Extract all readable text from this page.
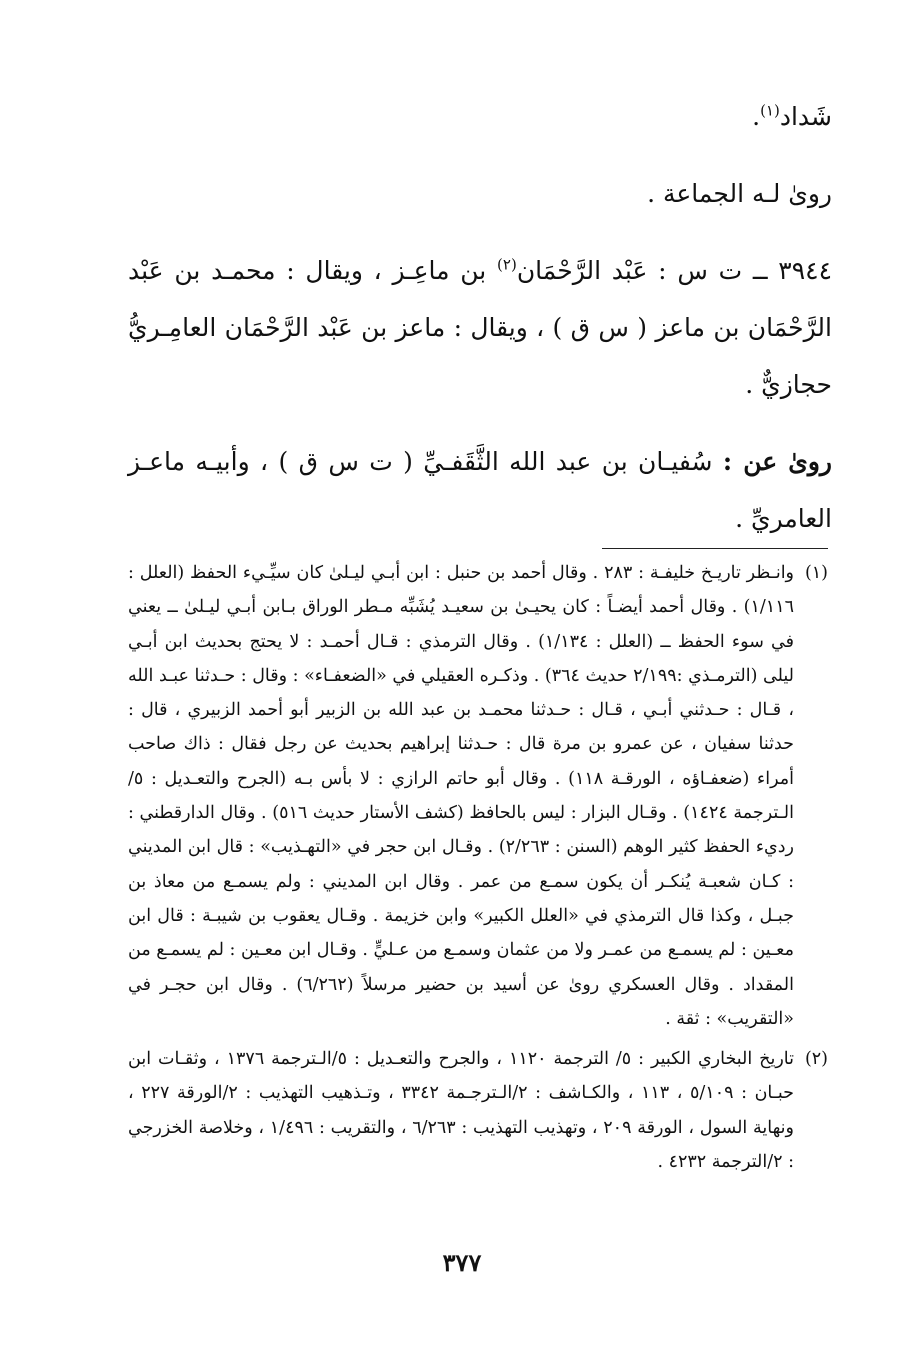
شَداد$^{(١)}$.

روىٰ لـه الجماعة .

٣٩٤٤ ــ ت س : عَبْد الرَّحْمَان$^{(٢)}$ بن ماعِـز ، ويقال : محمـد بن عَبْد الرَّحْمَان بن ماعز ( س ق ) ، ويقال : ماعز بن عَبْد الرَّحْمَان العامِـريُّ حجازيٌّ .

روىٰ عن : سُفيـان بن عبد الله الثَّقَفـيِّ ( ت س ق ) ، وأبيـه ماعـز العامريِّ .

(١)
وانـظر تاريـخ خليفـة : ٢٨٣ . وقال أحمد بن حنبل : ابن أبـي ليـلىٰ كان سيِّـيء الحفظ (العلل : ١/١١٦) . وقال أحمد أيضـاً : كان يحيـىٰ بن سعيـد يُشَبِّه مـطر الوراق بـابن أبـي ليـلىٰ ــ يعني في سوء الحفظ ــ (العلل : ١/١٣٤) . وقال الترمذي : قـال أحمـد : لا يحتج بحديث ابن أبـي ليلى (الترمـذي :٢/١٩٩ حديث ٣٦٤) . وذكـره العقيلي في «الضعفـاء» : وقال : حـدثنا عبـد الله ، قـال : حـدثني أبـي ، قـال : حـدثنا محمـد بن عبد الله بن الزبير أبو أحمد الزبيري ، قال : حدثنا سفيان ، عن عمرو بن مرة قال : حـدثنا إبراهيم بحديث عن رجل فقال : ذاك صاحب أمراء (ضعفـاؤه ، الورقـة ١١٨) . وقال أبو حاتم الرازي : لا بأس بـه (الجرح والتعـديل : ٥/الـترجمة ١٤٢٤) . وقـال البزار : ليس بالحافظ (كشف الأستار حديث ٥١٦) . وقال الدارقطني : رديء الحفظ كثير الوهم (السنن : ٢/٢٦٣) . وقـال ابن حجر في «التهـذيب» : قال ابن المديني : كـان شعبـة يُنكـر أن يكون سمـع من عمر . وقال ابن المديني : ولم يسمـع من معاذ بن جبـل ، وكذا قال الترمذي في «العلل الكبير» وابن خزيمة . وقـال يعقوب بن شيبـة : قال ابن معـين : لم يسمـع من عمـر ولا من عثمان وسمـع من عـليٍّ . وقـال ابن معـين : لم يسمـع من المقداد . وقال العسكري روىٰ عن أسيد بن حضير مرسلاً (٦/٢٦٢) . وقال ابن حجـر في «التقريب» : ثقة .
(٢)
تاريخ البخاري الكبير : ٥/ الترجمة ١١٢٠ ، والجرح والتعـديل : ٥/الـترجمة ١٣٧٦ ، وثقـات ابن حبـان : ٥/١٠٩ ، ١١٣ ، والكـاشف : ٢/الـترجـمة ٣٣٤٢ ، وتـذهيب التهذيب : ٢/الورقة ٢٢٧ ، ونهاية السول ، الورقة ٢٠٩ ، وتهذيب التهذيب : ٦/٢٦٣ ، والتقريب : ١/٤٩٦ ، وخلاصة الخزرجي : ٢/الترجمة ٤٢٣٢ .
٣٧٧
